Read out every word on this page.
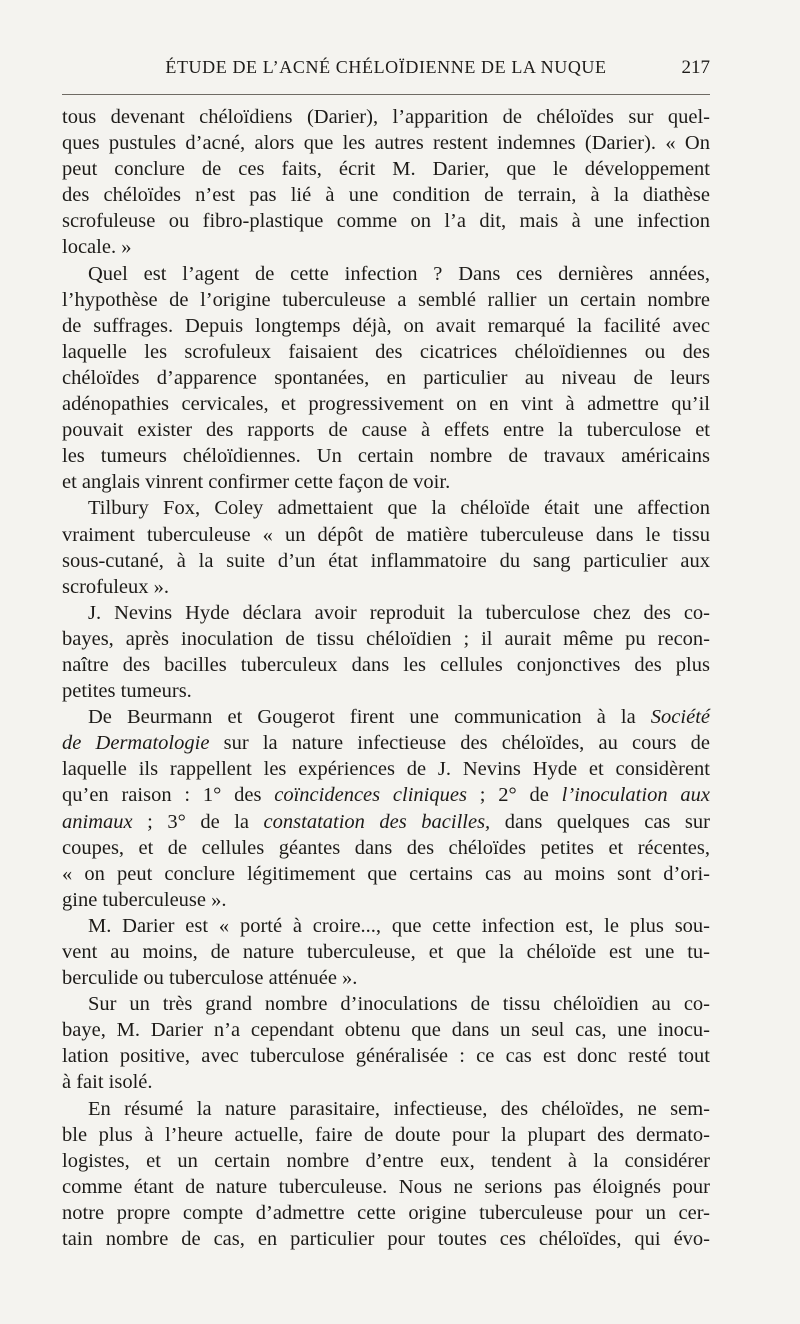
ÉTUDE DE L’ACNÉ CHÉLOÏDIENNE DE LA NUQUE	217
tous devenant chéloïdiens (Darier), l’apparition de chéloïdes sur quel-
ques pustules d’acné, alors que les autres restent indemnes (Darier). « On
peut conclure de ces faits, écrit M. Darier, que le développement
des chéloïdes n’est pas lié à une condition de terrain, à la diathèse
scrofuleuse ou fibro-plastique comme on l’a dit, mais à une infection
locale. »
Quel est l’agent de cette infection ? Dans ces dernières années,
l’hypothèse de l’origine tuberculeuse a semblé rallier un certain nombre
de suffrages. Depuis longtemps déjà, on avait remarqué la facilité avec
laquelle les scrofuleux faisaient des cicatrices chéloïdiennes ou des
chéloïdes d’apparence spontanées, en particulier au niveau de leurs
adénopathies cervicales, et progressivement on en vint à admettre qu’il
pouvait exister des rapports de cause à effets entre la tuberculose et
les tumeurs chéloïdiennes. Un certain nombre de travaux américains
et anglais vinrent confirmer cette façon de voir.
Tilbury Fox, Coley admettaient que la chéloïde était une affection
vraiment tuberculeuse « un dépôt de matière tuberculeuse dans le tissu
sous-cutané, à la suite d’un état inflammatoire du sang particulier aux
scrofuleux ».
J. Nevins Hyde déclara avoir reproduit la tuberculose chez des co-
bayes, après inoculation de tissu chéloïdien ; il aurait même pu recon-
naître des bacilles tuberculeux dans les cellules conjonctives des plus
petites tumeurs.
De Beurmann et Gougerot firent une communication à la Société
de Dermatologie sur la nature infectieuse des chéloïdes, au cours de
laquelle ils rappellent les expériences de J. Nevins Hyde et considèrent
qu’en raison : 1° des coïncidences cliniques ; 2° de l’inoculation aux
animaux ; 3° de la constatation des bacilles, dans quelques cas sur
coupes, et de cellules géantes dans des chéloïdes petites et récentes,
« on peut conclure légitimement que certains cas au moins sont d’ori-
gine tuberculeuse ».
M. Darier est « porté à croire..., que cette infection est, le plus sou-
vent au moins, de nature tuberculeuse, et que la chéloïde est une tu-
berculide ou tuberculose atténuée ».
Sur un très grand nombre d’inoculations de tissu chéloïdien au co-
baye, M. Darier n’a cependant obtenu que dans un seul cas, une inocu-
lation positive, avec tuberculose généralisée : ce cas est donc resté tout
à fait isolé.
En résumé la nature parasitaire, infectieuse, des chéloïdes, ne sem-
ble plus à l’heure actuelle, faire de doute pour la plupart des dermato-
logistes, et un certain nombre d’entre eux, tendent à la considérer
comme étant de nature tuberculeuse. Nous ne serions pas éloignés pour
notre propre compte d’admettre cette origine tuberculeuse pour un cer-
tain nombre de cas, en particulier pour toutes ces chéloïdes, qui évo-
